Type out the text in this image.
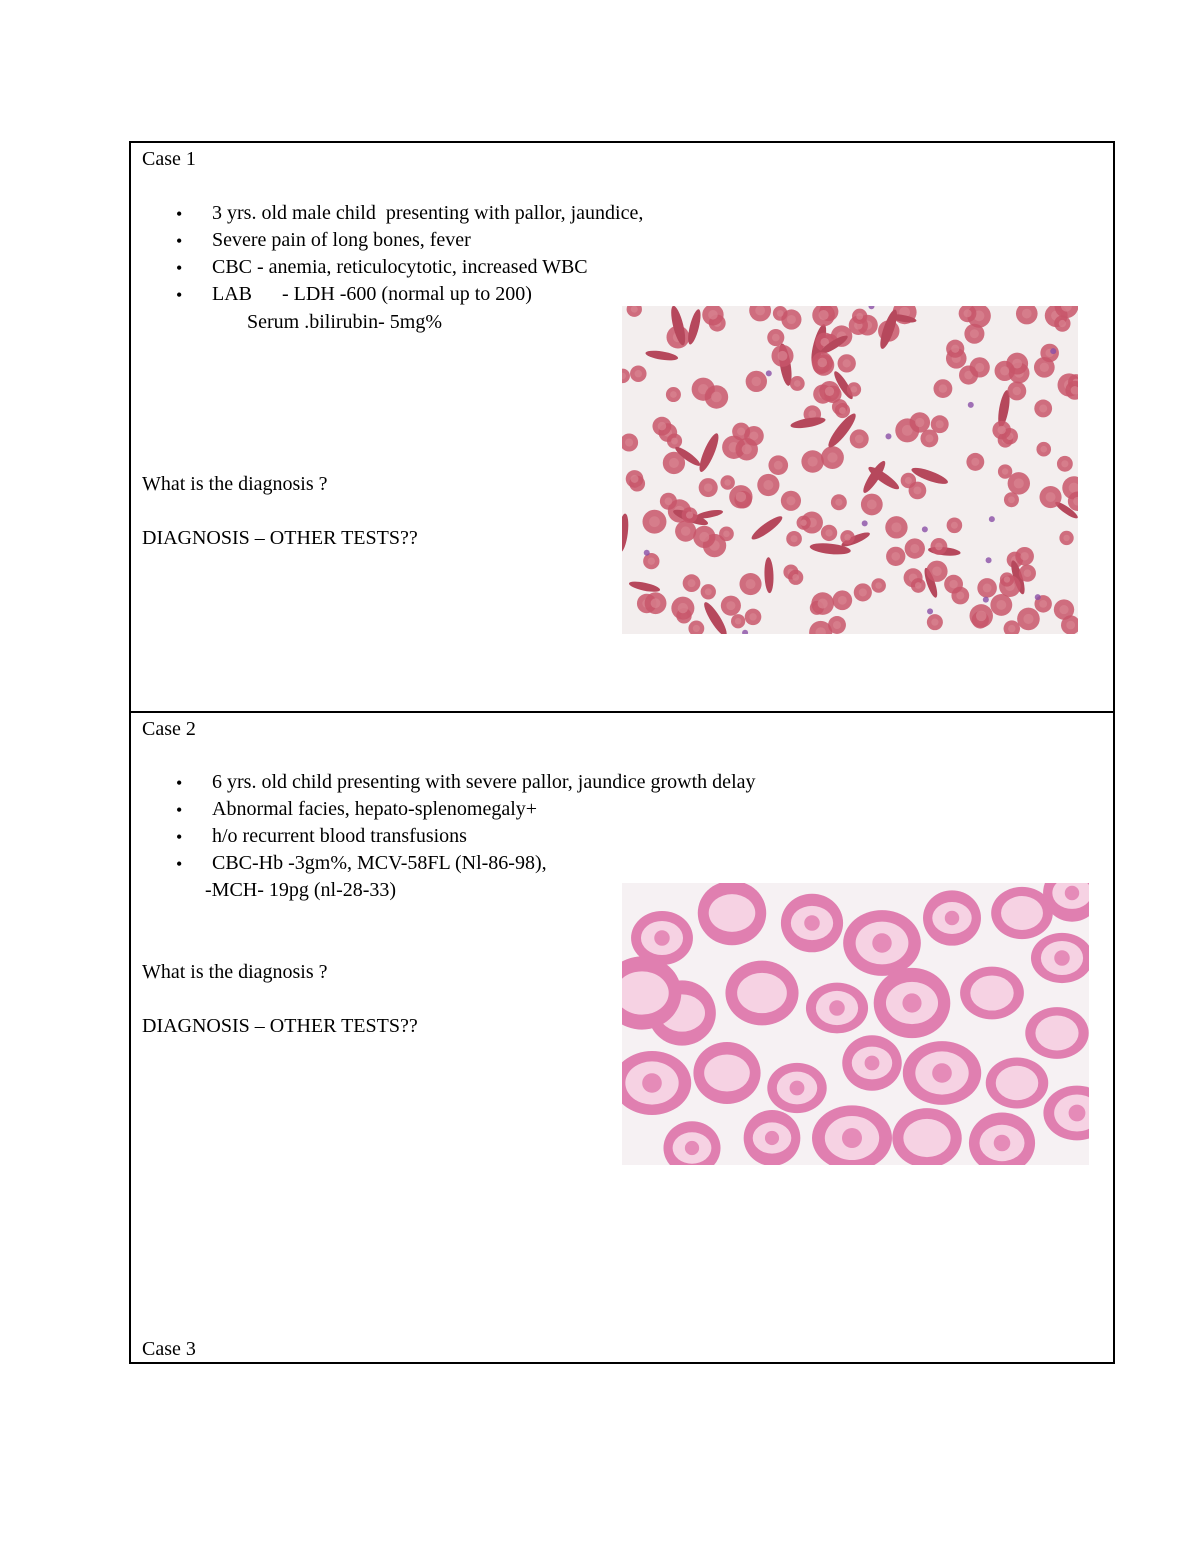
Case 1
• 3 yrs. old male child  presenting with pallor, jaundice,
• Severe pain of long bones, fever
• CBC - anemia, reticulocytotic, increased WBC
• LAB      - LDH -600 (normal up to 200)
Serum .bilirubin- 5mg%
What is the diagnosis ?
DIAGNOSIS – OTHER TESTS??
Case 2
• 6 yrs. old child presenting with severe pallor, jaundice growth delay
• Abnormal facies, hepato-splenomegaly+
• h/o recurrent blood transfusions
• CBC-Hb -3gm%, MCV-58FL (Nl-86-98),
-MCH- 19pg (nl-28-33)
What is the diagnosis ?
DIAGNOSIS – OTHER TESTS??
Case 3
